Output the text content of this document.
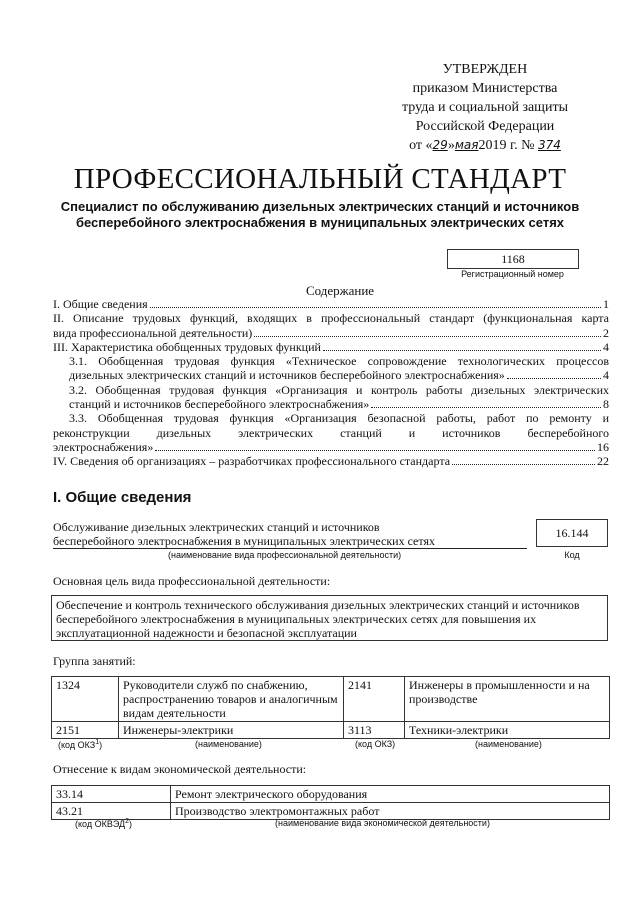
УТВЕРЖДЕН
приказом Министерства
труда и социальной защиты
Российской Федерации
от «29»мая2019 г. № 374
ПРОФЕССИОНАЛЬНЫЙ СТАНДАРТ
Специалист по обслуживанию дизельных электрических станций и источников
бесперебойного электроснабжения в муниципальных электрических сетях
1168
Регистрационный номер
Содержание
I. Общие сведения	1
II. Описание трудовых функций, входящих в профессиональный стандарт (функциональная карта
вида профессиональной деятельности)	2
III. Характеристика обобщенных трудовых функций	4
3.1. Обобщенная трудовая функция «Техническое сопровождение технологических процессов
дизельных электрических станций и источников бесперебойного электроснабжения»	4
3.2. Обобщенная трудовая функция «Организация и контроль работы дизельных электрических
станций и источников бесперебойного электроснабжения»	8
3.3. Обобщенная трудовая функция «Организация безопасной работы, работ по ремонту и
реконструкции дизельных электрических станций и источников бесперебойного
электроснабжения»	16
IV. Сведения об организациях – разработчиках профессионального стандарта	22
I. Общие сведения
Обслуживание дизельных электрических станций и источников
бесперебойного электроснабжения в муниципальных электрических сетях
(наименование вида профессиональной деятельности)
16.144
Код
Основная цель вида профессиональной деятельности:
Обеспечение и контроль технического обслуживания дизельных электрических станций и источников бесперебойного электроснабжения в муниципальных электрических сетях для повышения их эксплуатационной надежности и безопасной эксплуатации
Группа занятий:
1324	Руководители служб по снабжению, распространению товаров и аналогичным видам деятельности	2141	Инженеры в промышленности и на производстве
2151	Инженеры-электрики	3113	Техники-электрики
(код ОКЗ$^1$)	(наименование)	(код ОКЗ)	(наименование)
Отнесение к видам экономической деятельности:
33.14	Ремонт электрического оборудования
43.21	Производство электромонтажных работ
(код ОКВЭД$^2$)	(наименование вида экономической деятельности)
